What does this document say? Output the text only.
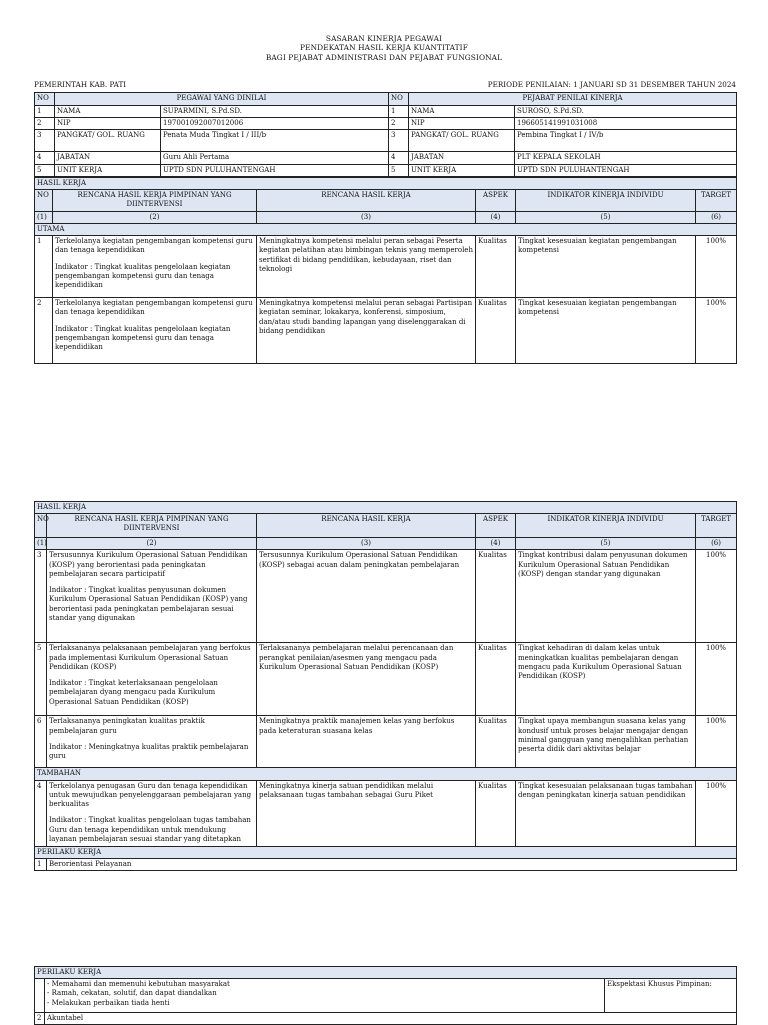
SASARAN KINERJA PEGAWAI
PENDEKATAN HASIL KERJA KUANTITATIF
BAGI PEJABAT ADMINISTRASI DAN PEJABAT FUNGSIONAL
PEMERINTAH KAB. PATI	PERIODE PENILAIAN: 1 JANUARI SD 31 DESEMBER TAHUN 2024
NO	PEGAWAI YANG DINILAI		NO	PEJABAT PENILAI KINERJA	
1	NAMA	SUPARMINI, S.Pd.SD.	1	NAMA	SUROSO, S.Pd.SD.
2	NIP	197001092007012006	2	NIP	196605141991031008
3	PANGKAT/ GOL. RUANG	Penata Muda Tingkat I / III/b	3	PANGKAT/ GOL. RUANG	Pembina Tingkat I / IV/b
4	JABATAN	Guru Ahli Pertama	4	JABATAN	PLT KEPALA SEKOLAH
5	UNIT KERJA	UPTD SDN PULUHANTENGAH	5	UNIT KERJA	UPTD SDN PULUHANTENGAH
HASIL KERJA					
NO	RENCANA HASIL KERJA PIMPINAN YANG DIINTERVENSI	RENCANA HASIL KERJA	ASPEK	INDIKATOR KINERJA INDIVIDU	TARGET
(1)	(2)	(3)	(4)	(5)	(6)
UTAMA					
1	Terkelolanya kegiatan pengembangan kompetensi guru dan tenaga kependidikan
Indikator : Tingkat kualitas pengelolaan kegiatan pengembangan kompetensi guru dan tenaga kependidikan	Meningkatnya kompetensi melalui peran sebagai Peserta kegiatan pelatihan atau bimbingan teknis yang memperoleh sertifikat di bidang pendidikan, kebudayaan, riset dan teknologi	Kualitas	Tingkat kesesuaian kegiatan pengembangan kompetensi	100%
2	Terkelolanya kegiatan pengembangan kompetensi guru dan tenaga kependidikan
Indikator : Tingkat kualitas pengelolaan kegiatan pengembangan kompetensi guru dan tenaga kependidikan	Meningkatnya kompetensi melalui peran sebagai Partisipan kegiatan seminar, lokakarya, konferensi, simposium, dan/atau studi banding lapangan yang diselenggarakan di bidang pendidikan	Kualitas	Tingkat kesesuaian kegiatan pengembangan kompetensi	100%
HASIL KERJA					
NO	RENCANA HASIL KERJA PIMPINAN YANG DIINTERVENSI	RENCANA HASIL KERJA	ASPEK	INDIKATOR KINERJA INDIVIDU	TARGET
(1)	(2)	(3)	(4)	(5)	(6)
3	Tersusunnya Kurikulum Operasional Satuan Pendidikan (KOSP) yang berorientasi pada peningkatan pembelajaran secara participatif
Indikator : Tingkat kualitas penyusunan dokumen Kurikulum Operasional Satuan Pendidikan (KOSP) yang berorientasi pada peningkatan pembelajaran sesuai standar yang digunakan	Tersusunnya Kurikulum Operasional Satuan Pendidikan (KOSP) sebagai acuan dalam peningkatan pembelajaran	Kualitas	Tingkat kontribusi dalam penyusunan dokumen Kurikulum Operasional Satuan Pendidikan (KOSP) dengan standar yang digunakan	100%
5	Terlaksananya pelaksanaan pembelajaran yang berfokus pada implementasi Kurikulum Operasional Satuan Pendidikan (KOSP)
Indikator : Tingkat keterlaksanaan pengelolaan pembelajaran dyang mengacu pada Kurikulum Operasional Satuan Pendidikan (KOSP)	Terlaksananya pembelajaran melalui perencanaan dan perangkat penilaian/asesmen yang mengacu pada Kurikulum Operasional Satuan Pendidikan (KOSP)	Kualitas	Tingkat kehadiran di dalam kelas untuk meningkatkan kualitas pembelajaran dengan mengacu pada Kurikulum Operasional Satuan Pendidikan (KOSP)	100%
6	Terlaksananya peningkatan kualitas praktik pembelajaran guru
Indikator : Meningkatnya kualitas praktik pembelajaran guru	Meningkatnya praktik manajemen kelas yang berfokus pada keteraturan suasana kelas	Kualitas	Tingkat upaya membangun suasana kelas yang kondusif untuk proses belajar mengajar dengan minimal gangguan yang mengalihkan perhatian peserta didik dari aktivitas belajar	100%
TAMBAHAN					
4	Terkelolanya penugasan Guru dan tenaga kependidikan untuk mewujudkan penyelenggaraan pembelajaran yang berkualitas
Indikator : Tingkat kualitas pengelolaan tugas tambahan Guru dan tenaga kependidikan untuk mendukung layanan pembelajaran sesuai standar yang ditetapkan	Meningkatnya kinerja satuan pendidikan melalui pelaksanaan tugas tambahan sebagai Guru Piket	Kualitas	Tingkat kesesuaian pelaksanaan tugas tambahan dengan peningkatan kinerja satuan pendidikan	100%
PERILAKU KERJA					
1	Berorientasi Pelayanan				
PERILAKU KERJA		

	- Memahami dan memenuhi kebutuhan masyarakat
- Ramah, cekatan, solutif, dan dapat diandalkan
- Melakukan perbaikan tiada henti	Ekspektasi Khusus Pimpinan:
2	Akuntabel	
